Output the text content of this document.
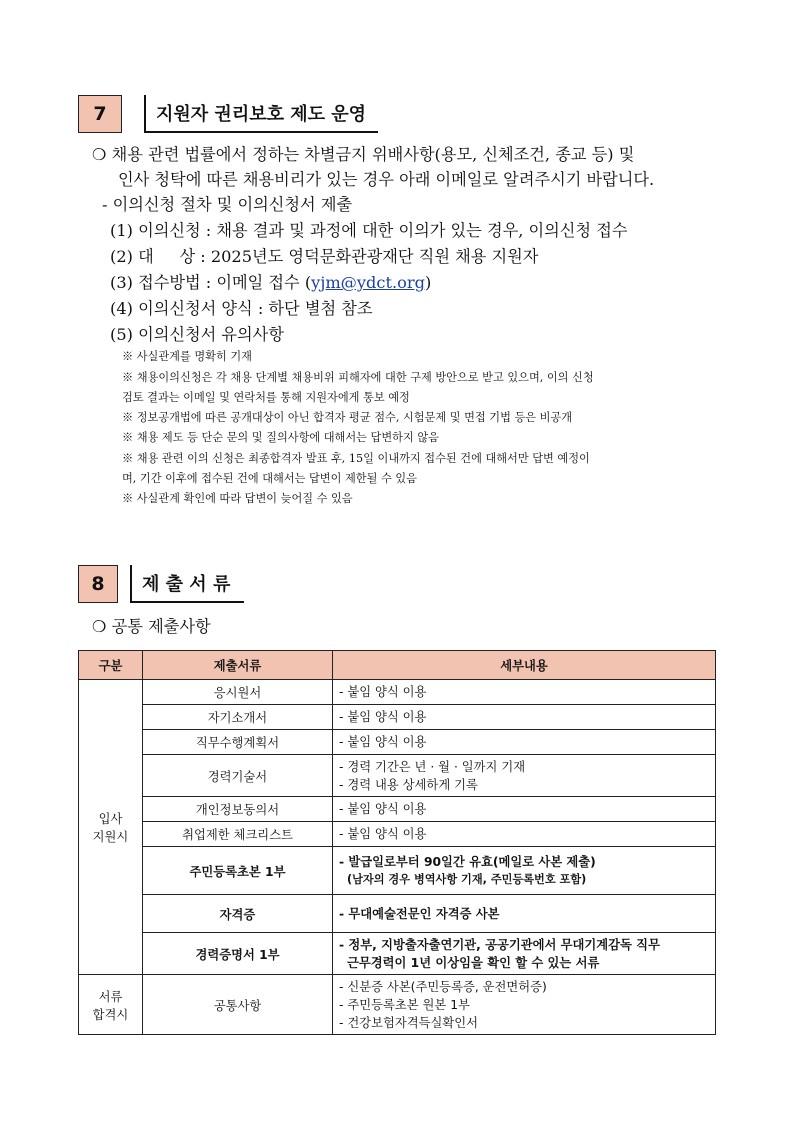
7	지원자 권리보호 제도 운영
❍ 채용 관련 법률에서 정하는 차별금지 위배사항(용모, 신체조건, 종교 등) 및
인사 청탁에 따른 채용비리가 있는 경우 아래 이메일로 알려주시기 바랍니다.
- 이의신청 절차 및 이의신청서 제출
(1) 이의신청 : 채용 결과 및 과정에 대한 이의가 있는 경우, 이의신청 접수
(2) 대     상 : 2025년도 영덕문화관광재단 직원 채용 지원자
(3) 접수방법 : 이메일 접수 (yjm@ydct.org)
(4) 이의신청서 양식 : 하단 별첨 참조
(5) 이의신청서 유의사항
※ 사실관계를 명확히 기재
※ 채용이의신청은 각 채용 단계별 채용비위 피해자에 대한 구제 방안으로 받고 있으며, 이의 신청
검토 결과는 이메일 및 연락처를 통해 지원자에게 통보 예정
※ 정보공개법에 따른 공개대상이 아닌 합격자 평균 점수, 시험문제 및 면접 기법 등은 비공개
※ 채용 제도 등 단순 문의 및 질의사항에 대해서는 답변하지 않음
※ 채용 관련 이의 신청은 최종합격자 발표 후, 15일 이내까지 접수된 건에 대해서만 답변 예정이
며, 기간 이후에 접수된 건에 대해서는 답변이 제한될 수 있음
※ 사실관계 확인에 따라 답변이 늦어질 수 있음
8	제 출 서 류
❍ 공통 제출사항
구분	제출서류	세부내용

입사
지원시	응시원서	- 붙임 양식 이용
	자기소개서	- 붙임 양식 이용
	직무수행계획서	- 붙임 양식 이용
	경력기술서	- 경력 기간은 년 · 월 · 일까지 기재
- 경력 내용 상세하게 기록

	개인정보동의서	- 붙임 양식 이용
	취업제한 체크리스트	- 붙임 양식 이용
	주민등록초본 1부	- 발급일로부터 90일간 유효(메일로 사본 제출)
(남자의 경우 병역사항 기재, 주민등록번호 포함)

	자격증	- 무대예술전문인 자격증 사본
	경력증명서 1부	- 정부, 지방출자출연기관, 공공기관에서 무대기계감독 직무
근무경력이 1년 이상임을 확인 할 수 있는 서류

서류
합격시	공통사항	- 신분증 사본(주민등록증, 운전면허증)
- 주민등록초본 원본 1부
- 건강보험자격득실확인서
